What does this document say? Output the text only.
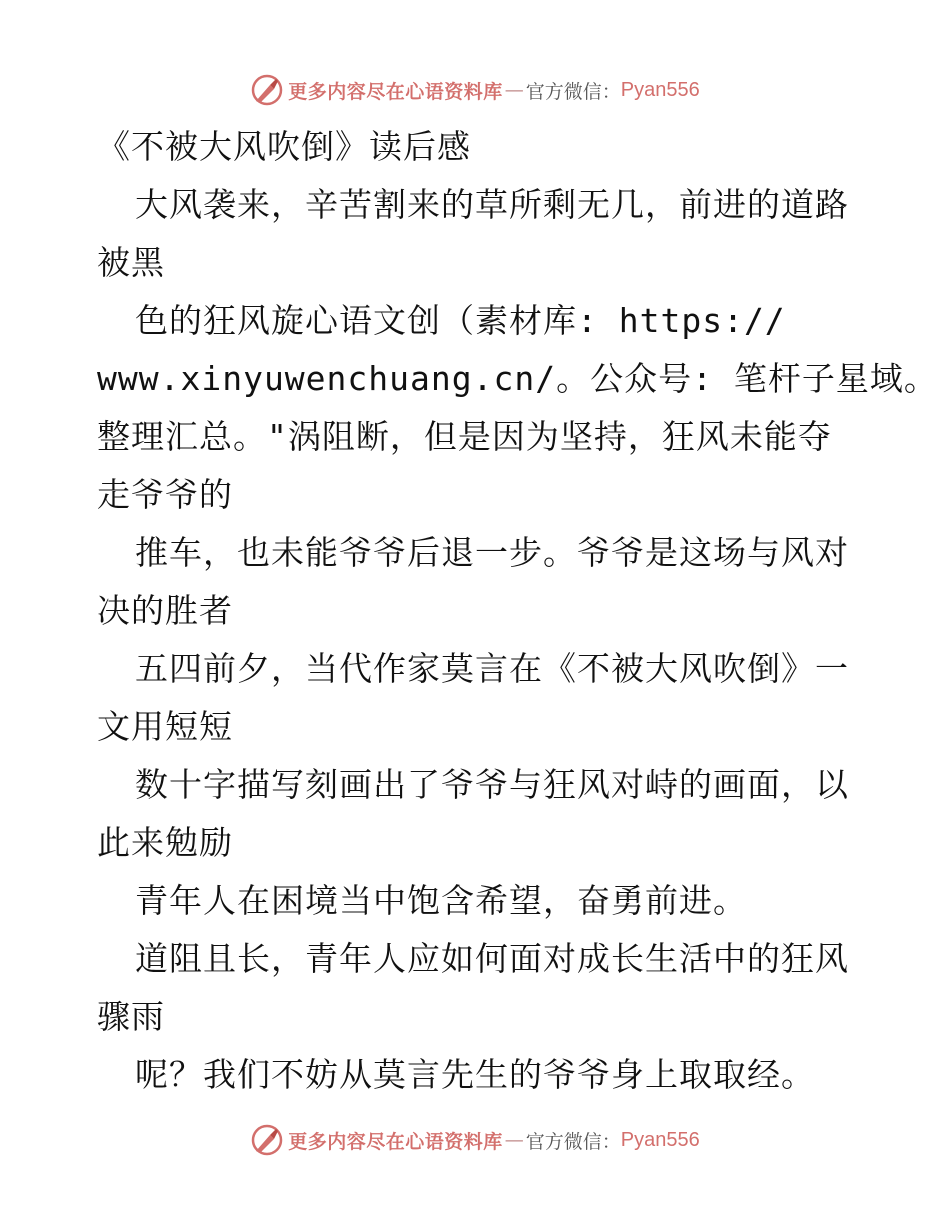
更多内容尽在心语资料库 — 官方微信： Pyan556

《不被大风吹倒》读后感

大风袭来，辛苦割来的草所剩无几，前进的道路

被黑

色的狂风旋心语文创（素材库: https://

www.xinyuwenchuang.cn/。公众号: 笔杆子星域。

整理汇总。"涡阻断，但是因为坚持，狂风未能夺

走爷爷的

推车，也未能爷爷后退一步。爷爷是这场与风对

决的胜者

五四前夕，当代作家莫言在《不被大风吹倒》一

文用短短

数十字描写刻画出了爷爷与狂风对峙的画面，以

此来勉励

青年人在困境当中饱含希望，奋勇前进。

道阻且长，青年人应如何面对成长生活中的狂风

骤雨

呢？我们不妨从莫言先生的爷爷身上取取经。

更多内容尽在心语资料库 — 官方微信： Pyan556
